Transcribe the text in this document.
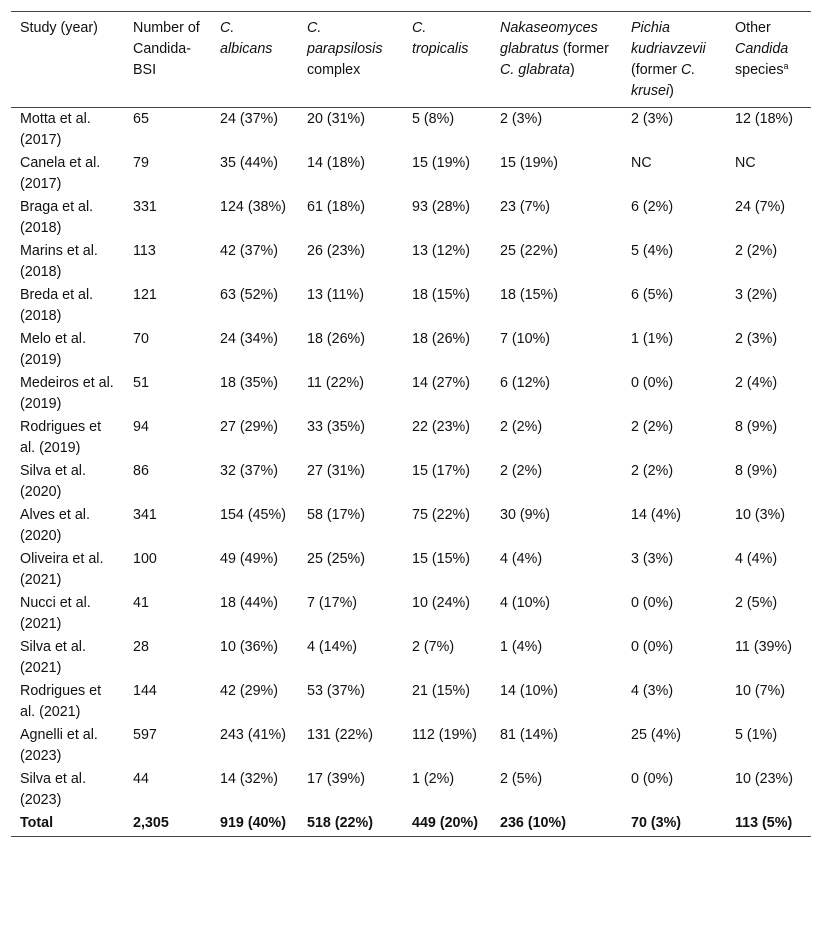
Study (year)	Number of Candida-BSI	C. albicans	C. parapsilosis complex	C. tropicalis	Nakaseomyces glabratus (former C. glabrata)	Pichia kudriavzevii (former C. krusei)	Other Candida species$^a$
Motta et al. (2017)	65	24 (37%)	20 (31%)	5 (8%)	2 (3%)	2 (3%)	12 (18%)
Canela et al. (2017)	79	35 (44%)	14 (18%)	15 (19%)	15 (19%)	NC	NC
Braga et al. (2018)	331	124 (38%)	61 (18%)	93 (28%)	23 (7%)	6 (2%)	24 (7%)
Marins et al. (2018)	113	42 (37%)	26 (23%)	13 (12%)	25 (22%)	5 (4%)	2 (2%)
Breda et al. (2018)	121	63 (52%)	13 (11%)	18 (15%)	18 (15%)	6 (5%)	3 (2%)
Melo et al. (2019)	70	24 (34%)	18 (26%)	18 (26%)	7 (10%)	1 (1%)	2 (3%)
Medeiros et al. (2019)	51	18 (35%)	11 (22%)	14 (27%)	6 (12%)	0 (0%)	2 (4%)
Rodrigues et al. (2019)	94	27 (29%)	33 (35%)	22 (23%)	2 (2%)	2 (2%)	8 (9%)
Silva et al. (2020)	86	32 (37%)	27 (31%)	15 (17%)	2 (2%)	2 (2%)	8 (9%)
Alves et al. (2020)	341	154 (45%)	58 (17%)	75 (22%)	30 (9%)	14 (4%)	10 (3%)
Oliveira et al. (2021)	100	49 (49%)	25 (25%)	15 (15%)	4 (4%)	3 (3%)	4 (4%)
Nucci et al. (2021)	41	18 (44%)	7 (17%)	10 (24%)	4 (10%)	0 (0%)	2 (5%)
Silva et al. (2021)	28	10 (36%)	4 (14%)	2 (7%)	1 (4%)	0 (0%)	11 (39%)
Rodrigues et al. (2021)	144	42 (29%)	53 (37%)	21 (15%)	14 (10%)	4 (3%)	10 (7%)
Agnelli et al. (2023)	597	243 (41%)	131 (22%)	112 (19%)	81 (14%)	25 (4%)	5 (1%)
Silva et al. (2023)	44	14 (32%)	17 (39%)	1 (2%)	2 (5%)	0 (0%)	10 (23%)
Total	2,305	919 (40%)	518 (22%)	449 (20%)	236 (10%)	70 (3%)	113 (5%)
